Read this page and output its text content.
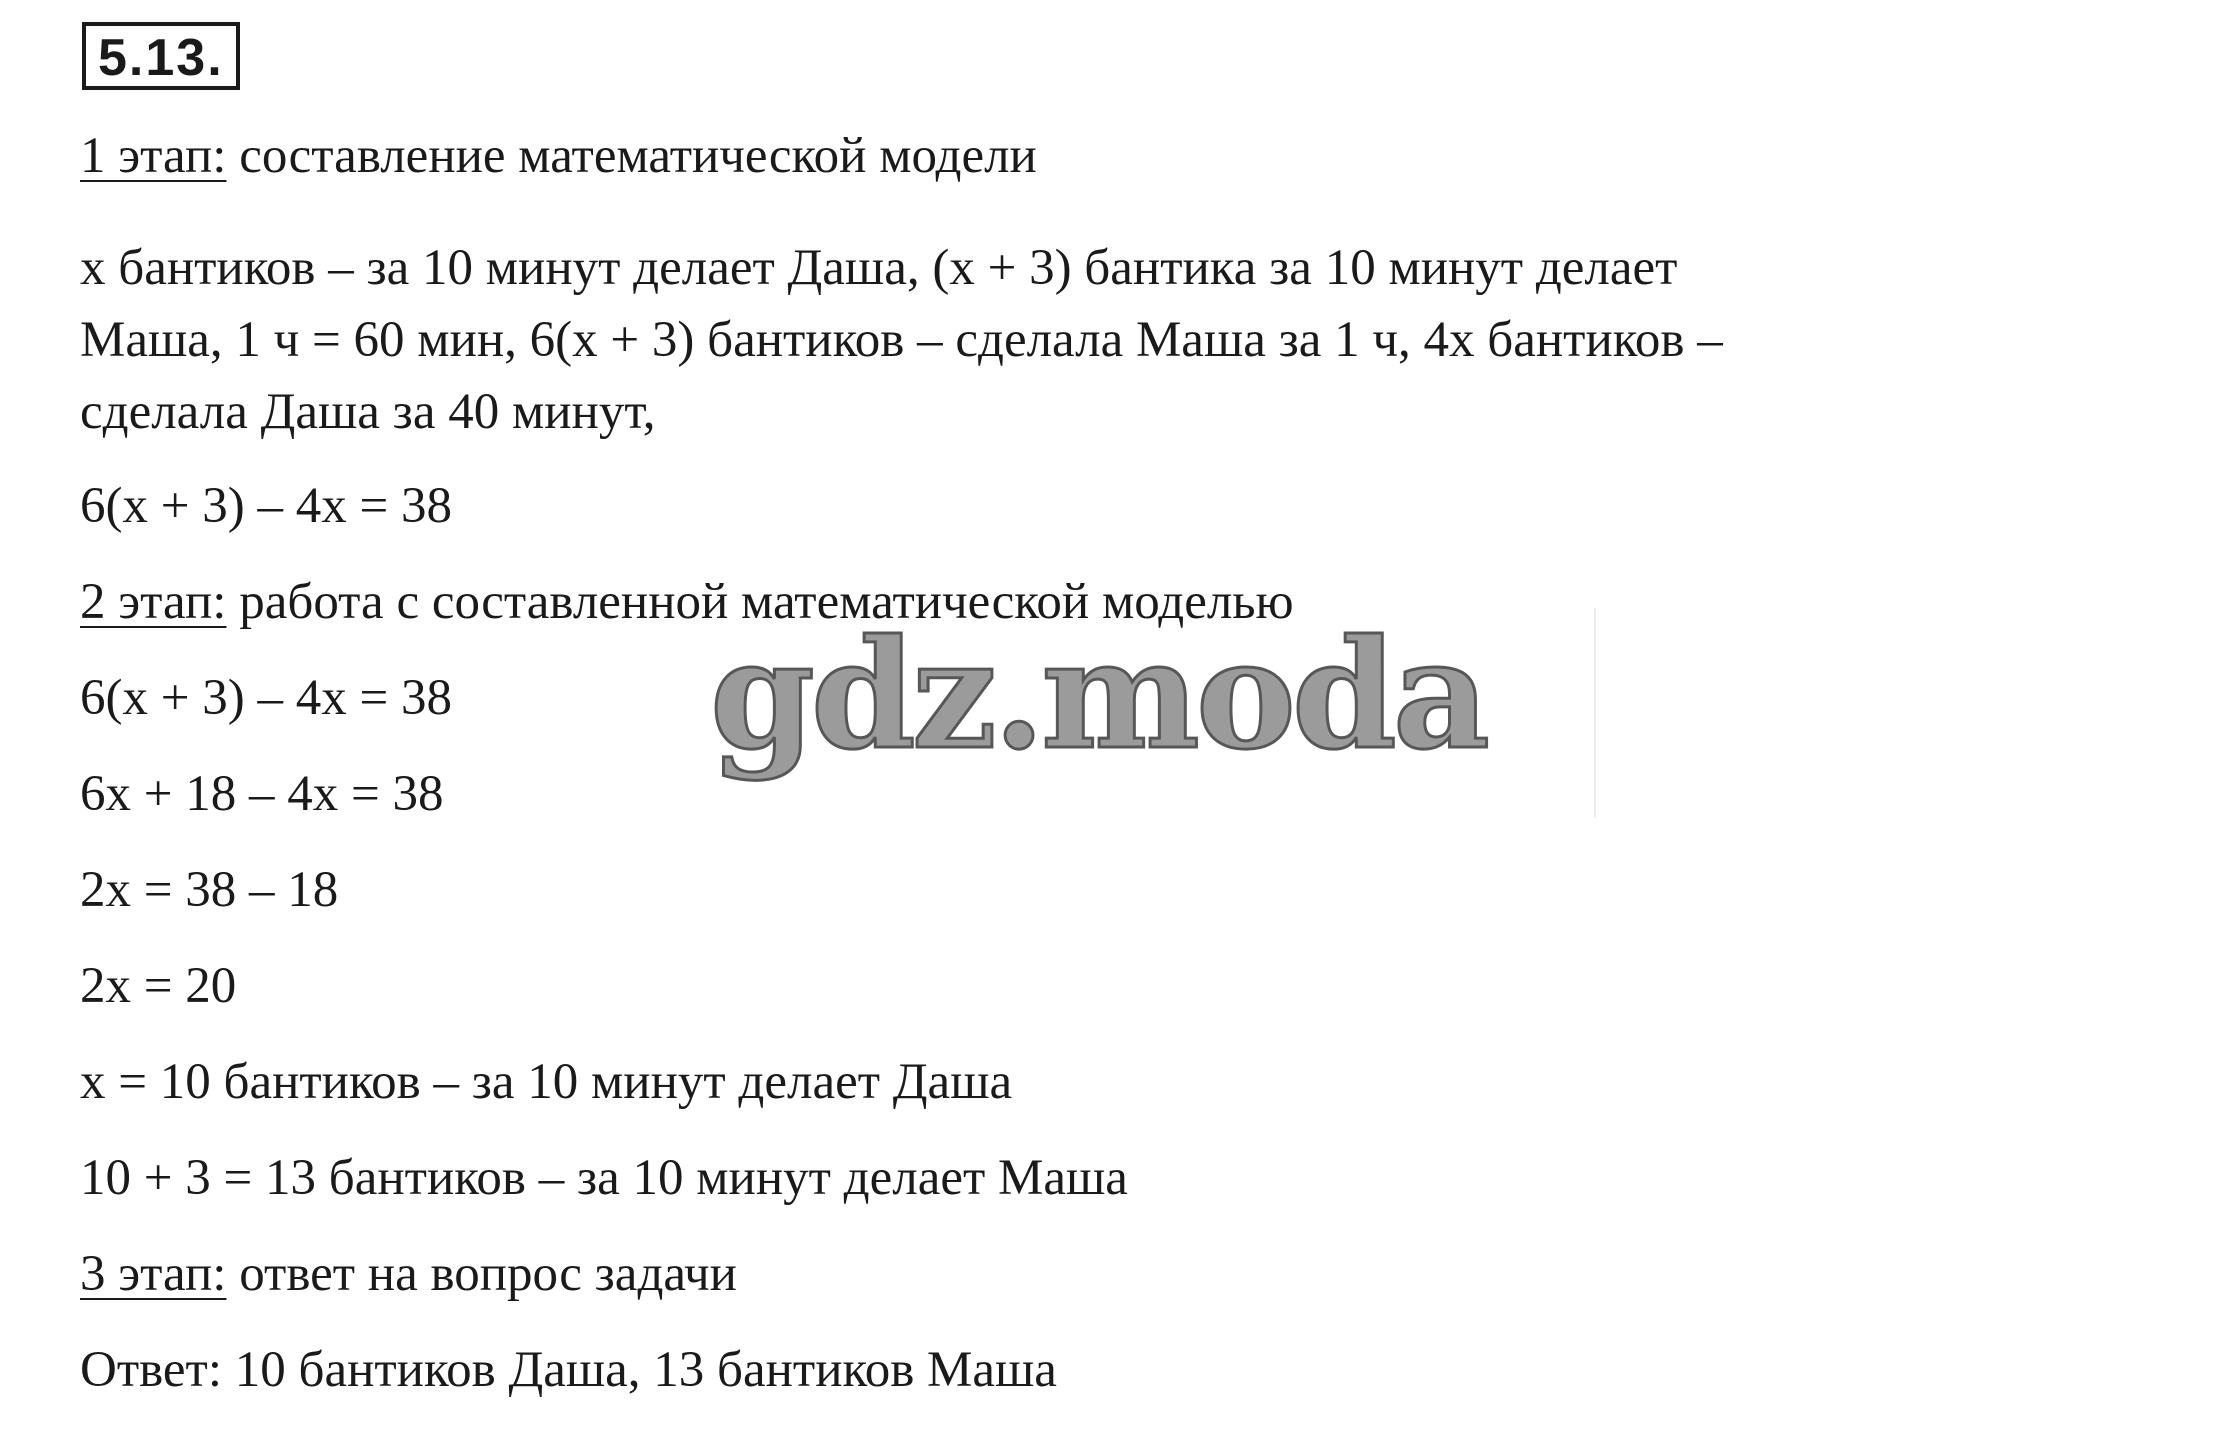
5.13.
1 этап: составление математической модели
x бантиков – за 10 минут делает Даша, (x + 3) бантика за 10 минут делает
Маша, 1 ч = 60 мин, 6(x + 3) бантиков – сделала Маша за 1 ч, 4x бантиков –
сделала Даша за 40 минут,
6(x + 3) – 4x = 38
2 этап: работа с составленной математической моделью
6(x + 3) – 4x = 38
6x + 18 – 4x = 38
2x = 38 – 18
2x = 20
x = 10 бантиков – за 10 минут делает Даша
10 + 3 = 13 бантиков – за 10 минут делает Маша
3 этап: ответ на вопрос задачи
Ответ: 10 бантиков Даша, 13 бантиков Маша
gdz.moda
